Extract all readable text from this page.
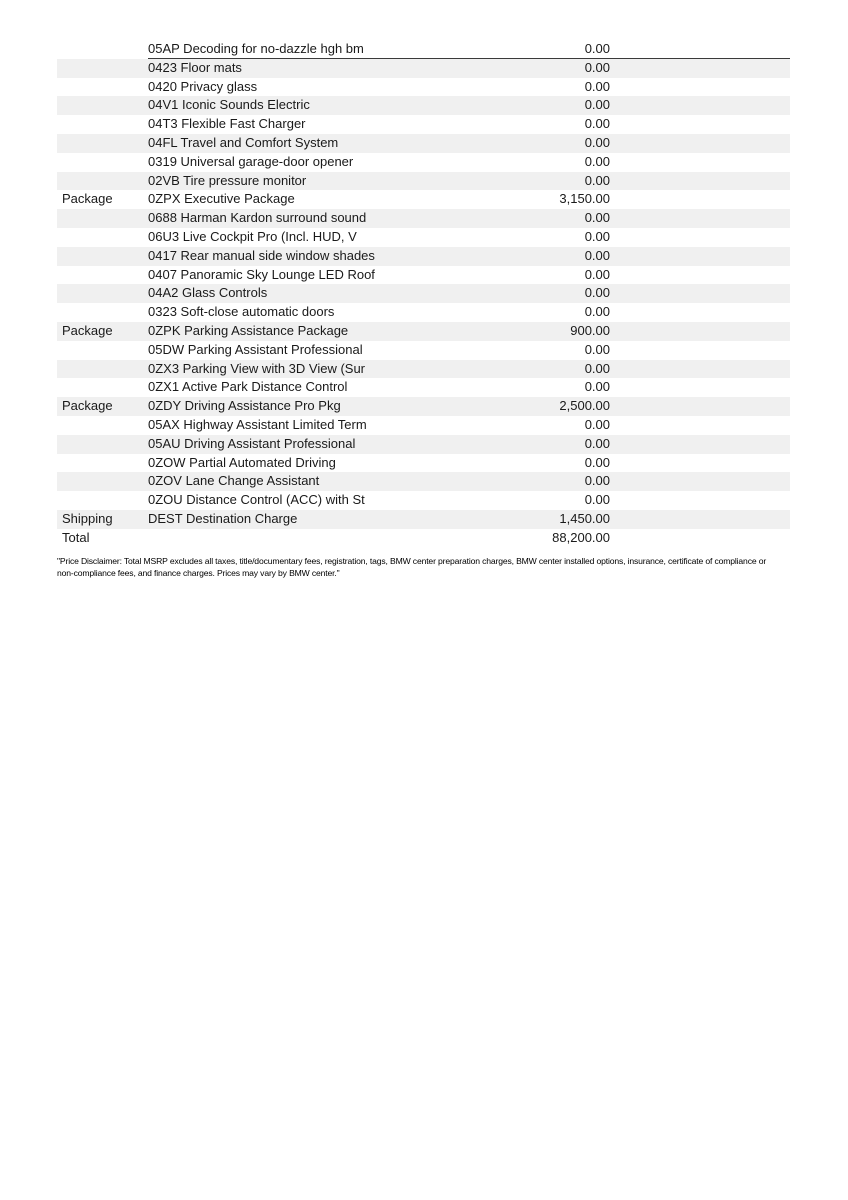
05AP Decoding for no-dazzle hgh bm	0.00
0423 Floor mats	0.00
0420 Privacy glass	0.00
04V1 Iconic Sounds Electric	0.00
04T3 Flexible Fast Charger	0.00
04FL Travel and Comfort System	0.00
0319 Universal garage-door opener	0.00
02VB Tire pressure monitor	0.00
Package	0ZPX Executive Package	3,150.00
0688 Harman Kardon surround sound	0.00
06U3 Live Cockpit Pro (Incl. HUD, V	0.00
0417 Rear manual side window shades	0.00
0407 Panoramic Sky Lounge LED Roof	0.00
04A2 Glass Controls	0.00
0323 Soft-close automatic doors	0.00
Package	0ZPK Parking Assistance Package	900.00
05DW Parking Assistant Professional	0.00
0ZX3 Parking View with 3D View (Sur	0.00
0ZX1 Active Park Distance Control	0.00
Package	0ZDY Driving Assistance Pro Pkg	2,500.00
05AX Highway Assistant Limited Term	0.00
05AU Driving Assistant Professional	0.00
0ZOW Partial Automated Driving	0.00
0ZOV Lane Change Assistant	0.00
0ZOU Distance Control (ACC) with St	0.00
Shipping	DEST Destination Charge	1,450.00
Total	88,200.00
"Price Disclaimer: Total MSRP excludes all taxes, title/documentary fees, registration, tags, BMW center preparation charges, BMW center installed options, insurance, certificate of compliance or non-compliance fees, and finance charges. Prices may vary by BMW center."
